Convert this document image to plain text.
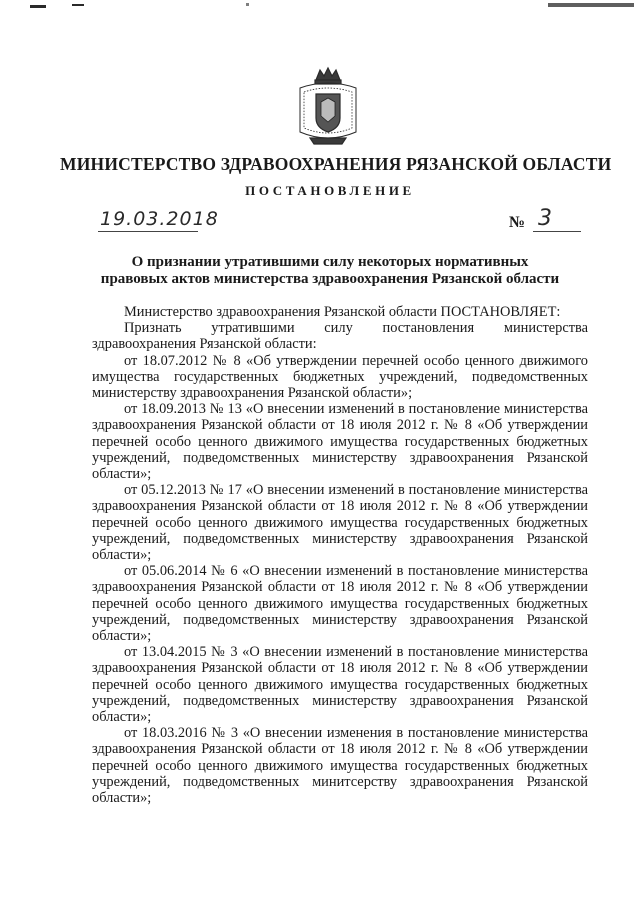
МИНИСТЕРСТВО ЗДРАВООХРАНЕНИЯ РЯЗАНСКОЙ ОБЛАСТИ
ПОСТАНОВЛЕНИЕ
19.03.2018	№ 3
О признании утратившими силу некоторых нормативных
правовых актов министерства здравоохранения Рязанской области

Министерство здравоохранения Рязанской области ПОСТАНОВЛЯЕТ:

Признать утратившими силу постановления министерства здравоохранения Рязанской области:

от 18.07.2012 № 8 «Об утверждении перечней особо ценного движимого имущества государственных бюджетных учреждений, подведомственных министерству здравоохранения Рязанской области»;

от 18.09.2013 № 13 «О внесении изменений в постановление министерства здравоохранения Рязанской области от 18 июля 2012 г. № 8 «Об утверждении перечней особо ценного движимого имущества государственных бюджетных учреждений, подведомственных министерству здравоохранения Рязанской области»;

от 05.12.2013 № 17 «О внесении изменений в постановление министерства здравоохранения Рязанской области от 18 июля 2012 г. № 8 «Об утверждении перечней особо ценного движимого имущества государственных бюджетных учреждений, подведомственных министерству здравоохранения Рязанской области»;

от 05.06.2014 № 6 «О внесении изменений в постановление министерства здравоохранения Рязанской области от 18 июля 2012 г. № 8 «Об утверждении перечней особо ценного движимого имущества государственных бюджетных учреждений, подведомственных министерству здравоохранения Рязанской области»;

от 13.04.2015 № 3 «О внесении изменений в постановление министерства здравоохранения Рязанской области от 18 июля 2012 г. № 8 «Об утверждении перечней особо ценного движимого имущества государственных бюджетных учреждений, подведомственных министерству здравоохранения Рязанской области»;

от 18.03.2016 № 3 «О внесении изменения в постановление министерства здравоохранения Рязанской области от 18 июля 2012 г. № 8 «Об утверждении перечней особо ценного движимого имущества государственных бюджетных учреждений, подведомственных минитсерству здравоохранения Рязанской области»;
